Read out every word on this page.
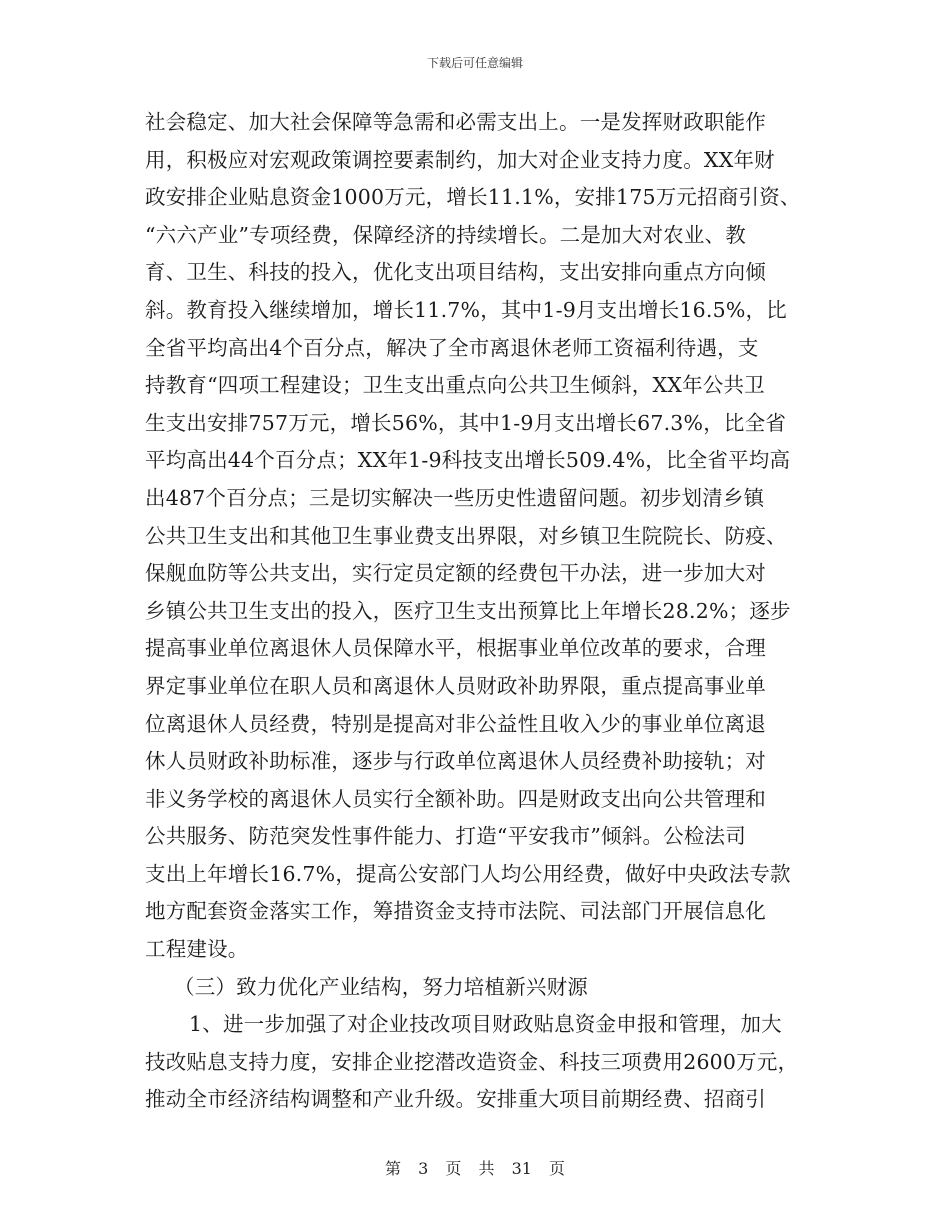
下载后可任意编辑
社会稳定、加大社会保障等急需和必需支出上。一是发挥财政职能作
用，积极应对宏观政策调控要素制约，加大对企业支持力度。XX年财
政安排企业贴息资金1000万元，增长11.1%，安排175万元招商引资、
“六六产业”专项经费，保障经济的持续增长。二是加大对农业、教
育、卫生、科技的投入，优化支出项目结构，支出安排向重点方向倾
斜。教育投入继续增加，增长11.7%，其中1-9月支出增长16.5%，比
全省平均高出4个百分点，解决了全市离退休老师工资福利待遇，支
持教育“四项工程建设；卫生支出重点向公共卫生倾斜，XX年公共卫
生支出安排757万元，增长56%，其中1-9月支出增长67.3%，比全省
平均高出44个百分点；XX年1-9科技支出增长509.4%，比全省平均高
出487个百分点；三是切实解决一些历史性遗留问题。初步划清乡镇
公共卫生支出和其他卫生事业费支出界限，对乡镇卫生院院长、防疫、
保舰血防等公共支出，实行定员定额的经费包干办法，进一步加大对
乡镇公共卫生支出的投入，医疗卫生支出预算比上年增长28.2%；逐步
提高事业单位离退休人员保障水平，根据事业单位改革的要求，合理
界定事业单位在职人员和离退休人员财政补助界限，重点提高事业单
位离退休人员经费，特别是提高对非公益性且收入少的事业单位离退
休人员财政补助标准，逐步与行政单位离退休人员经费补助接轨；对
非义务学校的离退休人员实行全额补助。四是财政支出向公共管理和
公共服务、防范突发性事件能力、打造“平安我市”倾斜。公检法司
支出上年增长16.7%，提高公安部门人均公用经费，做好中央政法专款
地方配套资金落实工作，筹措资金支持市法院、司法部门开展信息化
工程建设。
（三）致力优化产业结构，努力培植新兴财源
1、进一步加强了对企业技改项目财政贴息资金申报和管理，加大
技改贴息支持力度，安排企业挖潜改造资金、科技三项费用2600万元，
推动全市经济结构调整和产业升级。安排重大项目前期经费、招商引
第 3 页 共 31 页
